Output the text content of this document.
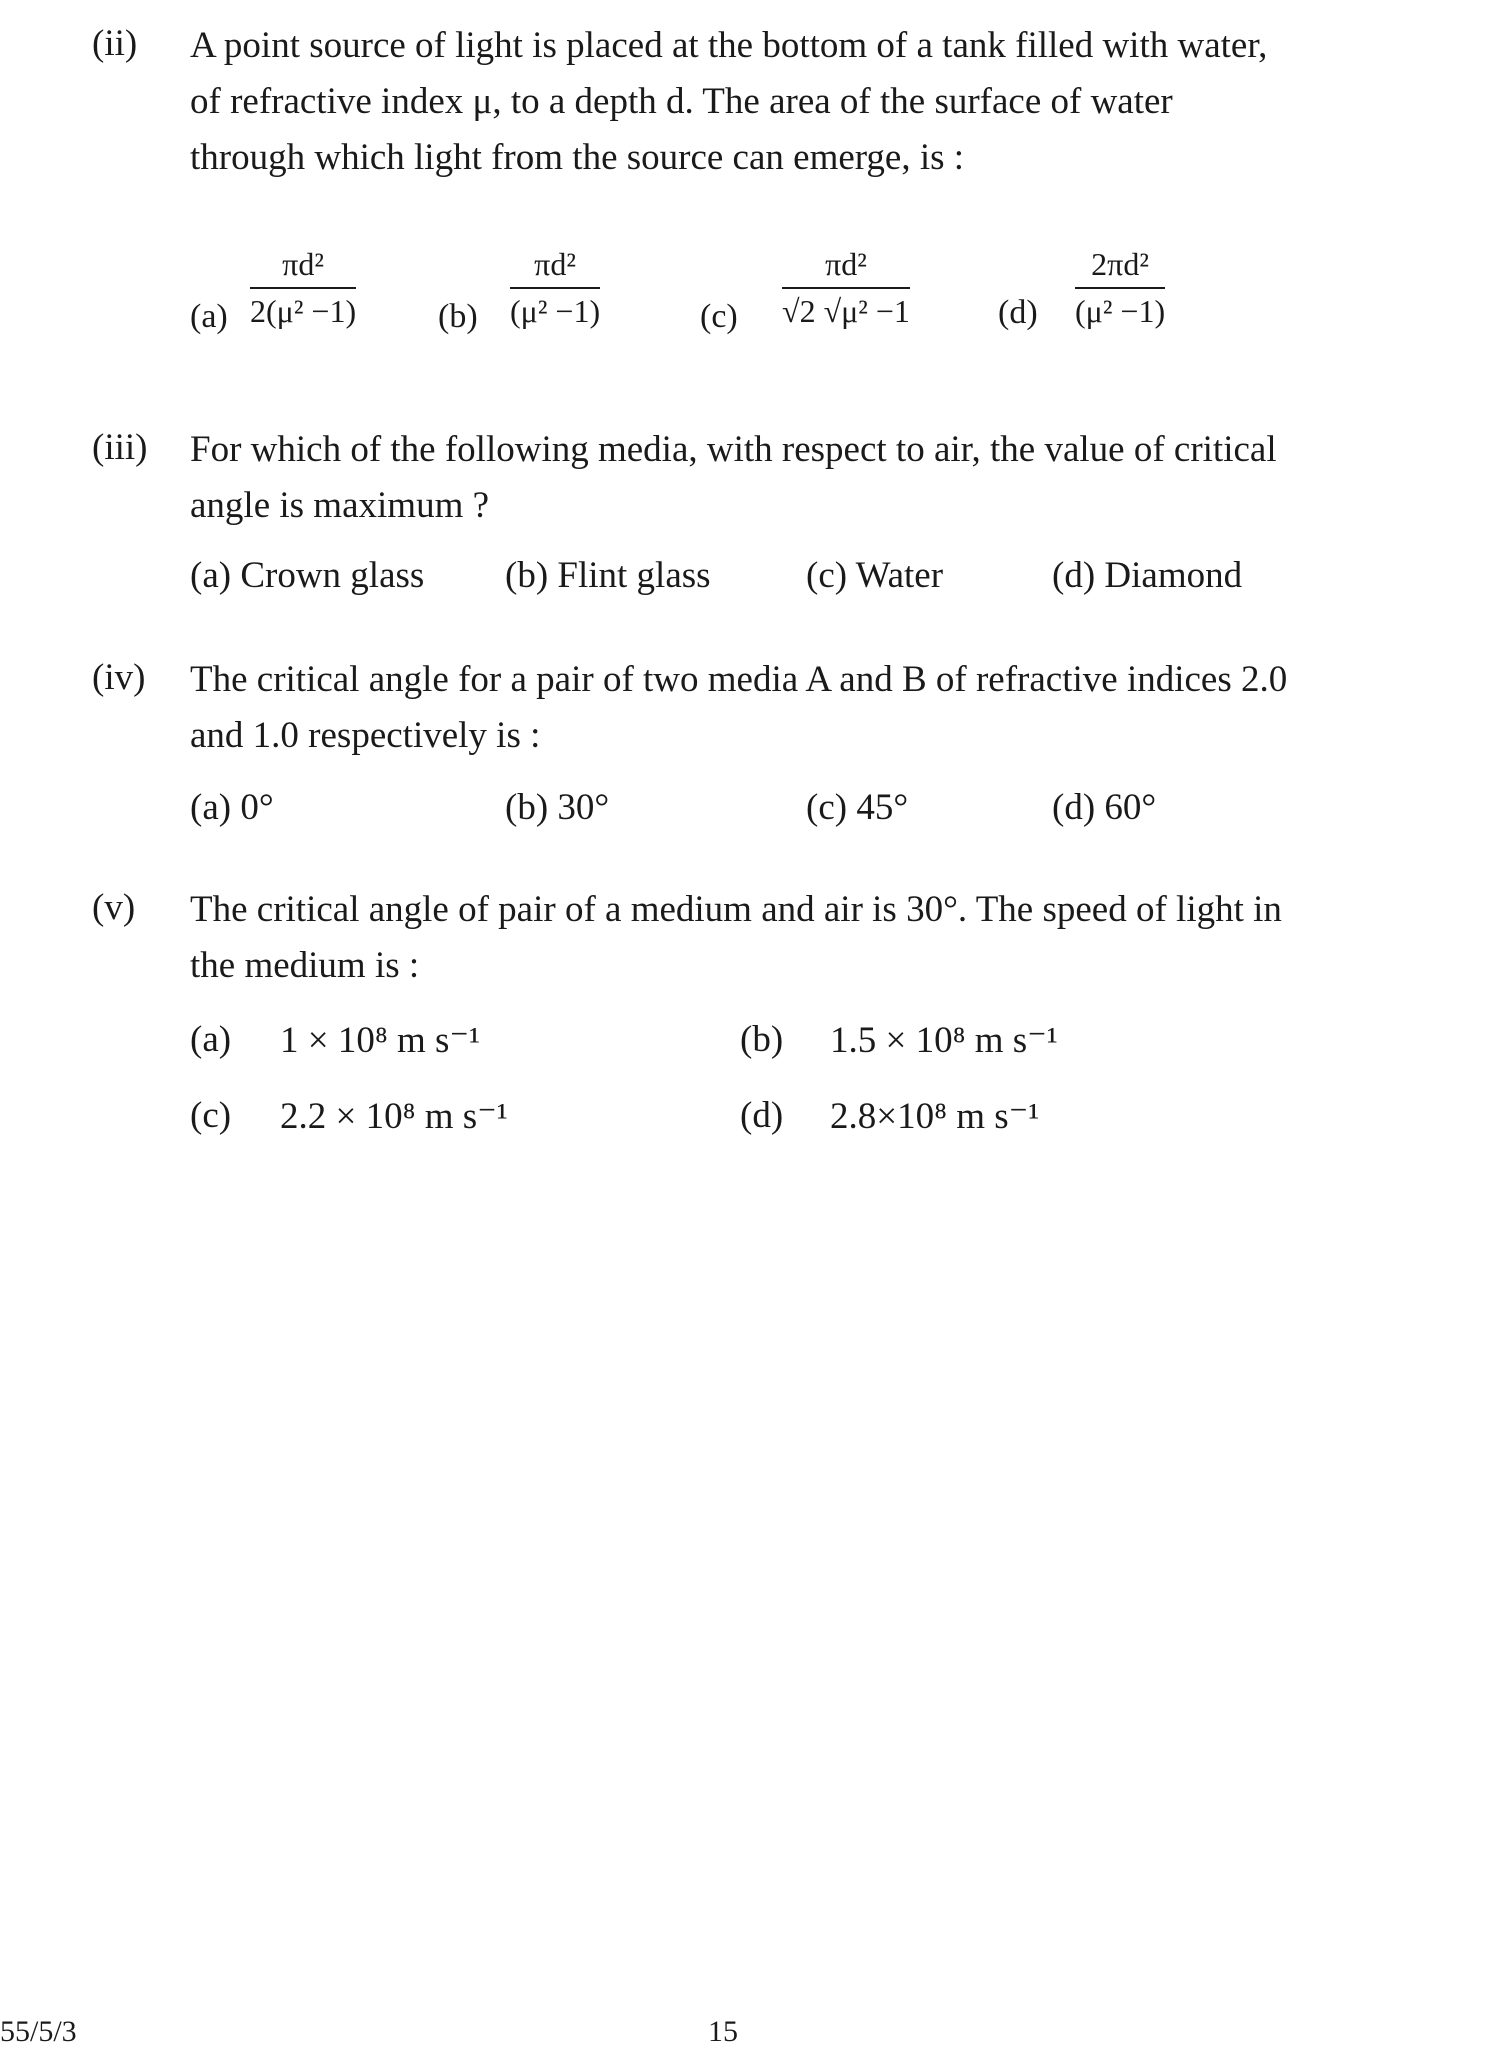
(ii) A point source of light is placed at the bottom of a tank filled with water, of refractive index μ, to a depth d. The area of the surface of water through which light from the source can emerge, is :
(a)
πd²
2(μ² −1) (b)
πd²
(μ² −1)	(c)
πd²
√2 √μ² −1	(d)
2πd²
(μ² −1)
(iii) For which of the following media, with respect to air, the value of critical angle is maximum ?
(a) Crown glass (b) Flint glass	(c) Water	(d) Diamond
(iv) The critical angle for a pair of two media A and B of refractive indices 2.0 and 1.0 respectively is :
(a) 0°	(b) 30°	(c) 45°	(d) 60°
(v) The critical angle of pair of a medium and air is 30°. The speed of light in the medium is :
(a) 1 × 10⁸ m s⁻¹	(b) 1.5 × 10⁸ m s⁻¹
(c) 2.2 × 10⁸ m s⁻¹	(d) 2.8×10⁸ m s⁻¹
55/5/3	15
